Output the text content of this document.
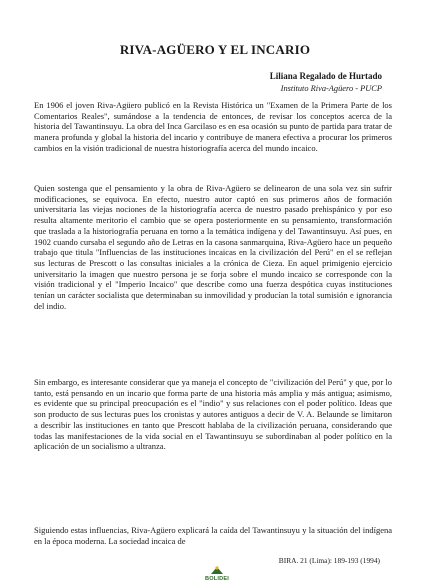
RIVA-AGÜERO Y EL INCARIO
Liliana Regalado de Hurtado
Instituto Riva-Agüero - PUCP

En 1906 el joven Riva-Agüero publicó en la Revista Histórica un "Examen de la Primera Parte de los Comentarios Reales", sumándose a la tendencia de entonces, de revisar los conceptos acerca de la historia del Tawantinsuyu. La obra del Inca Garcilaso es en esa ocasión su punto de partida para tratar de manera profunda y global la historia del incario y contribuye de manera efectiva a procurar los primeros cambios en la visión tradicional de nuestra historiografía acerca del mundo incaico.

Quien sostenga que el pensamiento y la obra de Riva-Agüero se delinearon de una sola vez sin sufrir modificaciones, se equivoca. En efecto, nuestro autor captó en sus primeros años de formación universitaria las viejas nociones de la historiografía acerca de nuestro pasado prehispánico y por eso resulta altamente meritorio el cambio que se opera posteriormente en su pensamiento, transformación que traslada a la historiografía peruana en torno a la temática indígena y del Tawantinsuyu. Así pues, en 1902 cuando cursaba el segundo año de Letras en la casona sanmarquina, Riva-Agüero hace un pequeño trabajo que titula "Influencias de las instituciones incaicas en la civilización del Perú" en el se reflejan sus lecturas de Prescott o las consultas iniciales a la crónica de Cieza. En aquel primigenio ejercicio universitario la imagen que nuestro persona je se forja sobre el mundo incaico se corresponde con la visión tradicional y el "Imperio Incaico" que describe como una fuerza despótica cuyas instituciones tenían un carácter socialista que determinaban su inmovilidad y producían la total sumisión e ignorancia del indio.

Sin embargo, es interesante considerar que ya maneja el concepto de "civilización del Perú" y que, por lo tanto, está pensando en un incario que forma parte de una historia más amplia y más antigua; asimismo, es evidente que su principal preocupación es el "indio" y sus relaciones con el poder político. Ideas que son producto de sus lecturas pues los cronistas y autores antiguos a decir de V. A. Belaunde se limitaron a describir las instituciones en tanto que Prescott hablaba de la civilización peruana, considerando que todas las manifestaciones de la vida social en el Tawantinsuyu se subordinaban al poder político en la aplicación de un socialismo a ultranza.

Siguiendo estas influencias, Riva-Agüero explicará la caída del Tawantinsuyu y la situación del indígena en la época moderna. La sociedad incaica de

BIRA. 21 (Lima): 189-193 (1994)
BOLIDEI
